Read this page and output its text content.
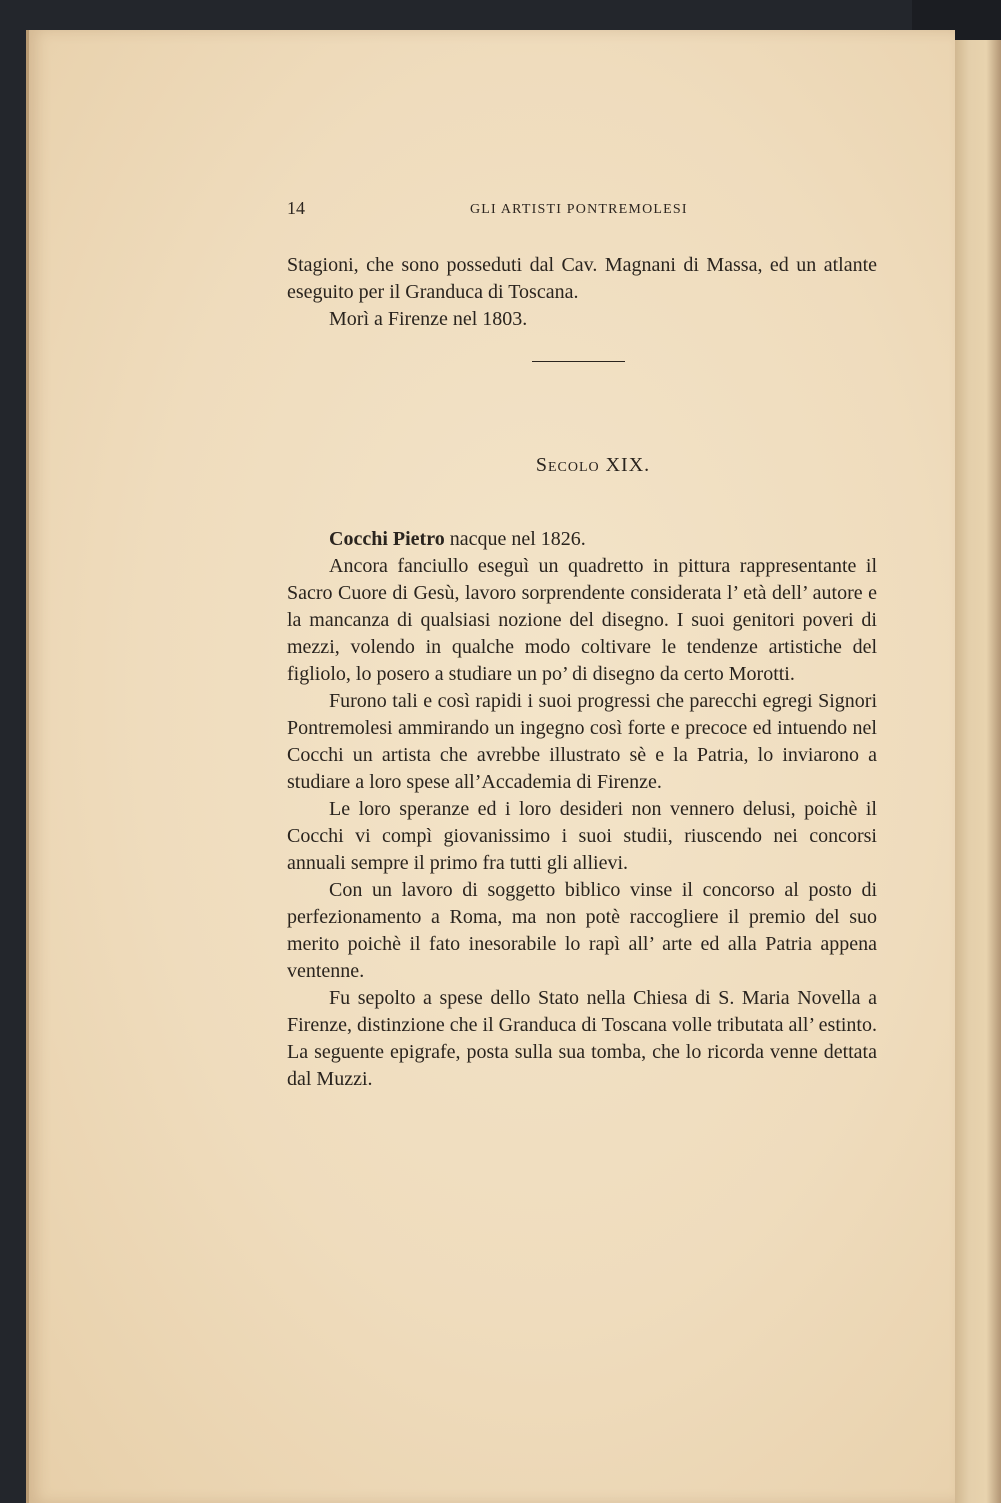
14	GLI ARTISTI PONTREMOLESI

Stagioni, che sono posseduti dal Cav. Magnani di Massa, ed un atlante eseguito per il Granduca di Toscana.

Morì a Firenze nel 1803.

Secolo XIX.

Cocchi Pietro nacque nel 1826.

Ancora fanciullo eseguì un quadretto in pittura rappresentante il Sacro Cuore di Gesù, lavoro sorprendente considerata l’ età dell’ autore e la mancanza di qualsiasi nozione del disegno. I suoi genitori poveri di mezzi, volendo in qualche modo coltivare le tendenze artistiche del figliolo, lo posero a studiare un po’ di disegno da certo Morotti.

Furono tali e così rapidi i suoi progressi che parecchi egregi Signori Pontremolesi ammirando un ingegno così forte e precoce ed intuendo nel Cocchi un artista che avrebbe illustrato sè e la Patria, lo inviarono a studiare a loro spese all’Accademia di Firenze.

Le loro speranze ed i loro desideri non vennero delusi, poichè il Cocchi vi compì giovanissimo i suoi studii, riuscendo nei concorsi annuali sempre il primo fra tutti gli allievi.

Con un lavoro di soggetto biblico vinse il concorso al posto di perfezionamento a Roma, ma non potè raccogliere il premio del suo merito poichè il fato inesorabile lo rapì all’ arte ed alla Patria appena ventenne.

Fu sepolto a spese dello Stato nella Chiesa di S. Maria Novella a Firenze, distinzione che il Granduca di Toscana volle tributata all’ estinto. La seguente epigrafe, posta sulla sua tomba, che lo ricorda venne dettata dal Muzzi.
